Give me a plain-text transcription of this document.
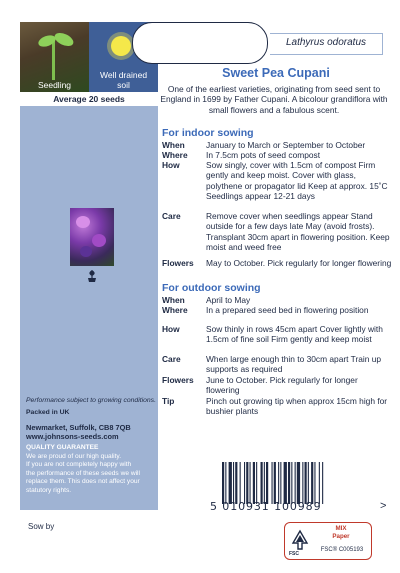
Seedling
Well drained
soil
Average 20 seeds
Performance subject to growing conditions.
Packed in UK
Newmarket, Suffolk, CB8 7QB
www.johnsons-seeds.com
QUALITY GUARANTEE
We are proud of our high quality.
If you are not completely happy with
the performance of these seeds we will
replace them. This does not affect your
statutory rights.
Lathyrus odoratus
Sweet Pea Cupani
One of the earliest varieties, originating from seed sent to England in 1699 by Father Cupani. A bicolour grandiflora with small flowers and a fabulous scent.
For indoor sowing
When	January to March or September to October
Where	In 7.5cm pots of seed compost
How	Sow singly, cover with 1.5cm of compost Firm gently and keep moist. Cover with glass, polythene or propagator lid Keep at approx. 15˚C Seedlings appear 12-21 days
Care	Remove cover when seedlings appear Stand outside for a few days late May (avoid frosts). Transplant 30cm apart in flowering position. Keep moist and weed free
Flowers	May to October. Pick regularly for longer flowering
For outdoor sowing
When	April to May
Where	In a prepared seed bed in flowering position
How	Sow thinly in rows 45cm apart Cover lightly with 1.5cm of fine soil Firm gently and keep moist
Care	When large enough thin to 30cm apart Train up supports as required
Flowers	June to October. Pick regularly for longer flowering
Tip	Pinch out growing tip when approx 15cm high for bushier plants
5 010931 100989	>
Sow by
FSC
MIX
Paper
FSC® C005193
